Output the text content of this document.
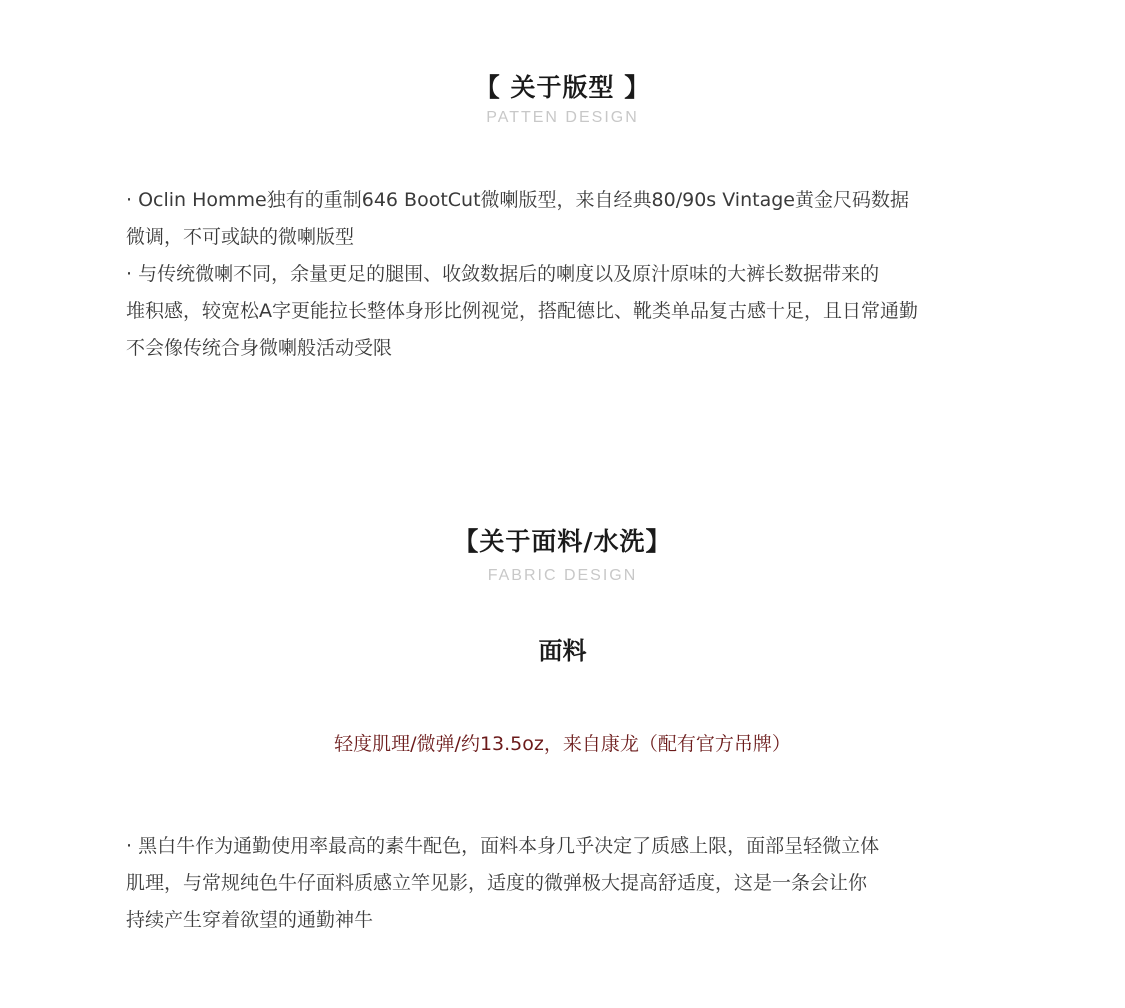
【 关于版型 】
PATTEN DESIGN
· Oclin Homme独有的重制646 BootCut微喇版型，来自经典80/90s Vintage黄金尺码数据
微调，不可或缺的微喇版型
· 与传统微喇不同，余量更足的腿围、收敛数据后的喇度以及原汁原味的大裤长数据带来的
堆积感，较宽松A字更能拉长整体身形比例视觉，搭配德比、靴类单品复古感十足，且日常通勤
不会像传统合身微喇般活动受限
【关于面料/水洗】
FABRIC DESIGN
面料
轻度肌理/微弹/约13.5oz，来自康龙（配有官方吊牌）
· 黑白牛作为通勤使用率最高的素牛配色，面料本身几乎决定了质感上限，面部呈轻微立体
肌理，与常规纯色牛仔面料质感立竿见影，适度的微弹极大提高舒适度，这是一条会让你
持续产生穿着欲望的通勤神牛
